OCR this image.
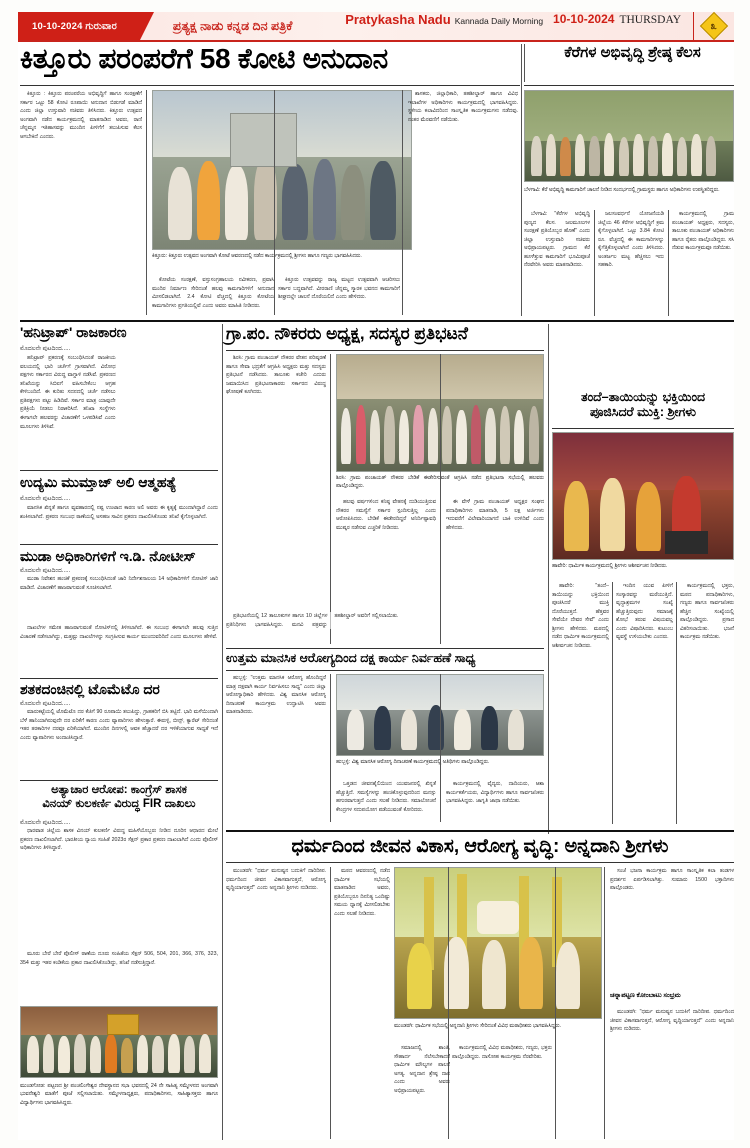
10-10-2024 ಗುರುವಾರ	ಪ್ರತ್ಯಕ್ಷ ನಾಡು ಕನ್ನಡ ದಿನ ಪತ್ರಿಕೆ	Pratykasha Nadu Kannada Daily Morning 10-10-2024 THURSDAY	೩
ಕಿತ್ತೂರು ಪರಂಪರೆಗೆ 58 ಕೋಟಿ ಅನುದಾನ	ಕೆರೆಗಳ ಅಭಿವೃದ್ಧಿ ಶ್ರೇಷ್ಠ ಕೆಲಸ
ಕಿತ್ತೂರು : ಕಿತ್ತೂರು ಪರಂಪರೆಯ ಅಭಿವೃದ್ಧಿಗೆ ಹಾಗೂ ಸಂರಕ್ಷಣೆಗೆ ಸರ್ಕಾರ ಒಟ್ಟು 58 ಕೋಟಿ ರೂಪಾಯಿ ಅನುದಾನ ಬಿಡುಗಡೆ ಮಾಡಿದೆ ಎಂದು ಜಿಲ್ಲಾ ಉಸ್ತುವಾರಿ ಸಚಿವರು ತಿಳಿಸಿದರು. ಕಿತ್ತೂರು ಉತ್ಸವದ ಅಂಗವಾಗಿ ನಡೆದ ಕಾರ್ಯಕ್ರಮದಲ್ಲಿ ಮಾತನಾಡಿದ ಅವರು, ರಾಣಿ ಚೆನ್ನಮ್ಮನ ಇತಿಹಾಸವನ್ನು ಮುಂದಿನ ಪೀಳಿಗೆಗೆ ತಲುಪಿಸುವ ಕೆಲಸ ಆಗಬೇಕಿದೆ ಎಂದರು.
ಕಿತ್ತೂರು: ಕಿತ್ತೂರು ಉತ್ಸವದ ಅಂಗವಾಗಿ ಕೋಟೆ ಆವರಣದಲ್ಲಿ ನಡೆದ ಕಾರ್ಯಕ್ರಮದಲ್ಲಿ ಶ್ರೀಗಳು ಹಾಗೂ ಗಣ್ಯರು ಭಾಗವಹಿಸಿದರು.
ಕೋಟೆಯ ಸಂರಕ್ಷಣೆ, ವಸ್ತುಸಂಗ್ರಹಾಲಯ ನವೀಕರಣ, ಪ್ರವಾಸಿ ಮಂದಿರ ನಿರ್ಮಾಣ ಸೇರಿದಂತೆ ಹಲವು ಕಾಮಗಾರಿಗಳಿಗೆ ಅನುದಾನ ಮೀಸಲಿಡಲಾಗಿದೆ. 2.4 ಕೋಟಿ ವೆಚ್ಚದಲ್ಲಿ ಕಿತ್ತೂರು ಕೋಟೆಯ ಕಾಮಗಾರಿಗಳು ಪ್ರಗತಿಯಲ್ಲಿವೆ ಎಂದು ಅವರು ಮಾಹಿತಿ ನೀಡಿದರು.
ಕಿತ್ತೂರು ಉತ್ಸವವನ್ನು ರಾಜ್ಯ ಮಟ್ಟದ ಉತ್ಸವವಾಗಿ ಆಚರಿಸಲು ಸರ್ಕಾರ ಬದ್ಧವಾಗಿದೆ. ವೀರರಾಣಿ ಚೆನ್ನಮ್ಮ ಸ್ಮಾರಕ ಭವನದ ಕಾಮಗಾರಿಗೆ ಶೀಘ್ರದಲ್ಲೇ ಚಾಲನೆ ದೊರೆಯಲಿದೆ ಎಂದು ಹೇಳಿದರು.
ಶಾಸಕರು, ಜಿಲ್ಲಾಧಿಕಾರಿ, ತಹಶೀಲ್ದಾರ್ ಹಾಗೂ ವಿವಿಧ ಇಲಾಖೆಗಳ ಅಧಿಕಾರಿಗಳು ಕಾರ್ಯಕ್ರಮದಲ್ಲಿ ಭಾಗವಹಿಸಿದ್ದರು. ಸ್ಥಳೀಯ ಕಲಾವಿದರಿಂದ ಸಾಂಸ್ಕೃತಿಕ ಕಾರ್ಯಕ್ರಮಗಳು ನಡೆದವು. ನಂತರ ಮೆರವಣಿಗೆ ನಡೆಯಿತು.
ಬೆಳಗಾವಿ: ಕೆರೆ ಅಭಿವೃದ್ಧಿ ಕಾಮಗಾರಿಗೆ ಚಾಲನೆ ನೀಡಿದ ಸಂದರ್ಭದಲ್ಲಿ ಗ್ರಾಮಸ್ಥರು ಹಾಗೂ ಅಧಿಕಾರಿಗಳು ಉಪಸ್ಥಿತರಿದ್ದರು.
ಬೆಳಗಾವಿ: "ಕೆರೆಗಳ ಅಭಿವೃದ್ಧಿ ಪುಣ್ಯದ ಕೆಲಸ. ಜಲಮೂಲಗಳ ಸಂರಕ್ಷಣೆ ಪ್ರತಿಯೊಬ್ಬರ ಹೊಣೆ" ಎಂದು ಜಿಲ್ಲಾ ಉಸ್ತುವಾರಿ ಸಚಿವರು ಅಭಿಪ್ರಾಯಪಟ್ಟರು. ಗ್ರಾಮದ ಕೆರೆ ಹೂಳೆತ್ತುವ ಕಾಮಗಾರಿಗೆ ಭೂಮಿಪೂಜೆ ನೆರವೇರಿಸಿ ಅವರು ಮಾತನಾಡಿದರು.
ಜಲಸಂವರ್ಧನೆ ಯೋಜನೆಯಡಿ ಜಿಲ್ಲೆಯ 46 ಕೆರೆಗಳ ಅಭಿವೃದ್ಧಿಗೆ ಕ್ರಮ ಕೈಗೊಳ್ಳಲಾಗಿದೆ. ಒಟ್ಟು 3.84 ಕೋಟಿ ರೂ. ವೆಚ್ಚದಲ್ಲಿ ಈ ಕಾಮಗಾರಿಗಳನ್ನು ಕೈಗೆತ್ತಿಕೊಳ್ಳಲಾಗಿದೆ ಎಂದು ತಿಳಿಸಿದರು. ಅಂತರ್ಜಲ ಮಟ್ಟ ಹೆಚ್ಚಿಸಲು ಇದು ಸಹಕಾರಿ.
ಕಾರ್ಯಕ್ರಮದಲ್ಲಿ ಗ್ರಾಮ ಪಂಚಾಯತ್ ಅಧ್ಯಕ್ಷರು, ಸದಸ್ಯರು, ತಾಲೂಕು ಪಂಚಾಯತ್ ಅಧಿಕಾರಿಗಳು ಹಾಗೂ ರೈತರು ಪಾಲ್ಗೊಂಡಿದ್ದರು. ಸಸಿ ನೆಡುವ ಕಾರ್ಯಕ್ರಮವೂ ನಡೆಯಿತು.
'ಹನಿಟ್ರಾಪ್' ರಾಜಕಾರಣ
ಮೊದಲನೇ ಪುಟದಿಂದ.....
ಹನಿಟ್ರಾಪ್ ಪ್ರಕರಣಕ್ಕೆ ಸಂಬಂಧಿಸಿದಂತೆ ರಾಜಕೀಯ ವಲಯದಲ್ಲಿ ಭಾರಿ ಚರ್ಚೆಗೆ ಗ್ರಾಸವಾಗಿದೆ. ವಿರೋಧ ಪಕ್ಷಗಳು ಸರ್ಕಾರದ ವಿರುದ್ಧ ವಾಗ್ದಾಳಿ ನಡೆಸಿವೆ. ಪ್ರಕರಣದ ತನಿಖೆಯನ್ನು ಸಿಬಿಐಗೆ ವಹಿಸಬೇಕೆಂಬ ಆಗ್ರಹ ಕೇಳಿಬಂದಿದೆ. ಈ ಕುರಿತು ಸದನದಲ್ಲಿ ಚರ್ಚೆ ನಡೆಸಲು ಪ್ರತಿಪಕ್ಷಗಳು ಪಟ್ಟು ಹಿಡಿದಿವೆ. ಸರ್ಕಾರ ಮಾತ್ರ ಯಾವುದೇ ಪ್ರತಿಕ್ರಿಯೆ ನೀಡಲು ನಿರಾಕರಿಸಿದೆ. ತನಿಖಾ ಸಂಸ್ಥೆಗಳು ಈಗಾಗಲೇ ಹಲವರನ್ನು ವಿಚಾರಣೆಗೆ ಒಳಪಡಿಸಿವೆ ಎಂದು ಮೂಲಗಳು ತಿಳಿಸಿವೆ.
ಉದ್ಯಮಿ ಮುಮ್ತಾಜ್ ಅಲಿ ಆತ್ಮಹತ್ಯೆ
ಮೊದಲನೇ ಪುಟದಿಂದ.....
ಮಾನಸಿಕ ಖಿನ್ನತೆ ಹಾಗೂ ವ್ಯವಹಾರದಲ್ಲಿ ನಷ್ಟ ಉಂಟಾದ ಕಾರಣ ಅಲಿ ಅವರು ಈ ಕೃತ್ಯಕ್ಕೆ ಮುಂದಾಗಿದ್ದಾರೆ ಎಂದು ಶಂಕಿಸಲಾಗಿದೆ. ಪ್ರಕರಣ ಸಂಬಂಧ ಠಾಣೆಯಲ್ಲಿ ಅಸಹಜ ಸಾವಿನ ಪ್ರಕರಣ ದಾಖಲಿಸಿಕೊಂಡು ತನಿಖೆ ಕೈಗೊಳ್ಳಲಾಗಿದೆ.
ಮುಡಾ ಅಧಿಕಾರಿಗಳಿಗೆ ಇ.ಡಿ. ನೋಟೀಸ್
ಮೊದಲನೇ ಪುಟದಿಂದ.....
ಮುಡಾ ನಿವೇಶನ ಹಂಚಿಕೆ ಪ್ರಕರಣಕ್ಕೆ ಸಂಬಂಧಿಸಿದಂತೆ ಜಾರಿ ನಿರ್ದೇಶನಾಲಯ 14 ಅಧಿಕಾರಿಗಳಿಗೆ ನೋಟಿಸ್ ಜಾರಿ ಮಾಡಿದೆ. ವಿಚಾರಣೆಗೆ ಹಾಜರಾಗುವಂತೆ ಸೂಚಿಸಲಾಗಿದೆ.
ದಾಖಲೆಗಳ ಸಮೇತ ಹಾಜರಾಗುವಂತೆ ನೋಟಿಸ್‌ನಲ್ಲಿ ತಿಳಿಸಲಾಗಿದೆ. ಈ ಸಂಬಂಧ ಈಗಾಗಲೇ ಹಲವು ಸುತ್ತಿನ ವಿಚಾರಣೆ ನಡೆಸಲಾಗಿದ್ದು, ಮತ್ತಷ್ಟು ದಾಖಲೆಗಳನ್ನು ಸಂಗ್ರಹಿಸುವ ಕಾರ್ಯ ಮುಂದುವರಿದಿದೆ ಎಂದು ಮೂಲಗಳು ಹೇಳಿವೆ.
ಶತಕದಂಚಿನಲ್ಲಿ ಟೊಮೆಟೊ ದರ
ಮೊದಲನೇ ಪುಟದಿಂದ.....
ಮಾರುಕಟ್ಟೆಯಲ್ಲಿ ಟೊಮೆಟೊ ದರ ಕೆಜಿಗೆ 90 ರೂಪಾಯಿ ತಲುಪಿದ್ದು, ಗ್ರಾಹಕರಿಗೆ ಬಿಸಿ ತಟ್ಟಿದೆ. ಭಾರಿ ಮಳೆಯಿಂದಾಗಿ ಬೆಳೆ ಹಾನಿಯಾಗಿರುವುದೇ ದರ ಏರಿಕೆಗೆ ಕಾರಣ ಎಂದು ವ್ಯಾಪಾರಿಗಳು ಹೇಳುತ್ತಾರೆ. ಈರುಳ್ಳಿ, ಬೀನ್ಸ್, ಕ್ಯಾರೆಟ್ ಸೇರಿದಂತೆ ಇತರ ತರಕಾರಿಗಳ ದರವೂ ಏರಿಕೆಯಾಗಿದೆ. ಮುಂದಿನ ದಿನಗಳಲ್ಲಿ ಆವಕ ಹೆಚ್ಚಾದರೆ ದರ ಇಳಿಕೆಯಾಗುವ ಸಾಧ್ಯತೆ ಇದೆ ಎಂದು ವ್ಯಾಪಾರಿಗಳು ಅಂದಾಜಿಸಿದ್ದಾರೆ.
ಅತ್ಯಾಚಾರ ಆರೋಪ: ಕಾಂಗ್ರೆಸ್ ಶಾಸಕ
ವಿನಯ್ ಕುಲಕರ್ಣಿ ವಿರುದ್ಧ FIR ದಾಖಲು
ಮೊದಲನೇ ಪುಟದಿಂದ.....
ಧಾರವಾಡ ಜಿಲ್ಲೆಯ ಶಾಸಕ ವಿನಯ್ ಕುಲಕರ್ಣಿ ವಿರುದ್ಧ ಮಹಿಳೆಯೊಬ್ಬರು ನೀಡಿದ ದೂರಿನ ಆಧಾರದ ಮೇಲೆ ಪ್ರಕರಣ ದಾಖಲಿಸಲಾಗಿದೆ. ಭಾರತೀಯ ನ್ಯಾಯ ಸಂಹಿತೆ 2023ರ ಸೆಕ್ಷನ್ ಪ್ರಕಾರ ಪ್ರಕರಣ ದಾಖಲಾಗಿದೆ ಎಂದು ಪೊಲೀಸ್ ಅಧಿಕಾರಿಗಳು ತಿಳಿಸಿದ್ದಾರೆ.
ಮೂರು ಬೇರೆ ಬೇರೆ ಪೊಲೀಸ್ ಠಾಣೆಯ ದೂರು ಸಂಹಿತೆಯ ಸೆಕ್ಷನ್ 506, 504, 201, 366, 376, 323, 354 ಮತ್ತು ಇತರ ಕಂಡಿಕೆಯ ಪ್ರಕಾರ ದಾಖಲಿಸಿಕೊಂಡಿದ್ದು, ತನಿಖೆ ನಡೆಸುತ್ತಿದ್ದಾರೆ.
ಮುಂಡಗೋಡ: ಪಟ್ಟಣದ ಶ್ರೀ ಪಂಚಲಿಂಗೇಶ್ವರ ದೇವಸ್ಥಾನದ ಸಭಾ ಭವನದಲ್ಲಿ 24 ನೇ ಸಾಹಿತ್ಯ ಸಮ್ಮೇಳನದ ಅಂಗವಾಗಿ ಭುವನೇಶ್ವರಿ ಮಾತೆಗೆ ಪೂಜೆ ಸಲ್ಲಿಸಲಾಯಿತು. ಸಮ್ಮೇಳನಾಧ್ಯಕ್ಷರು, ಪದಾಧಿಕಾರಿಗಳು, ಸಾಹಿತ್ಯಾಸಕ್ತರು ಹಾಗೂ ವಿದ್ಯಾರ್ಥಿಗಳು ಭಾಗವಹಿಸಿದ್ದರು.
ಗ್ರಾ.ಪಂ. ನೌಕರರು ಅಧ್ಯಕ್ಷ, ಸದಸ್ಯರ ಪ್ರತಿಭಟನೆ
ಶಿರಸಿ: ಗ್ರಾಮ ಪಂಚಾಯತ್ ನೌಕರರ ವೇತನ ಪರಿಷ್ಕರಣೆ ಹಾಗೂ ಸೇವಾ ಭದ್ರತೆಗೆ ಆಗ್ರಹಿಸಿ ಅಧ್ಯಕ್ಷರು ಮತ್ತು ಸದಸ್ಯರು ಪ್ರತಿಭಟನೆ ನಡೆಸಿದರು. ತಾಲೂಕು ಕಚೇರಿ ಎದುರು ಜಮಾಯಿಸಿದ ಪ್ರತಿಭಟನಾಕಾರರು ಸರ್ಕಾರದ ವಿರುದ್ಧ ಘೋಷಣೆ ಕೂಗಿದರು.
ಶಿರಸಿ: ಗ್ರಾಮ ಪಂಚಾಯತ್ ನೌಕರರ ಬೇಡಿಕೆ ಈಡೇರಿಸುವಂತೆ ಆಗ್ರಹಿಸಿ ನಡೆದ ಪ್ರತಿಭಟನಾ ಸಭೆಯಲ್ಲಿ ಹಲವರು ಪಾಲ್ಗೊಂಡಿದ್ದರು.
ಹಲವು ವರ್ಷಗಳಿಂದ ಕನಿಷ್ಠ ವೇತನಕ್ಕೆ ದುಡಿಯುತ್ತಿರುವ ನೌಕರರ ಸಮಸ್ಯೆಗೆ ಸರ್ಕಾರ ಸ್ಪಂದಿಸುತ್ತಿಲ್ಲ ಎಂದು ಆರೋಪಿಸಿದರು. ಬೇಡಿಕೆ ಈಡೇರದಿದ್ದರೆ ಅನಿರ್ದಿಷ್ಟಾವಧಿ ಮುಷ್ಕರ ನಡೆಸುವ ಎಚ್ಚರಿಕೆ ನೀಡಿದರು.
ಈ ವೇಳೆ ಗ್ರಾಮ ಪಂಚಾಯತ್ ಅಧ್ಯಕ್ಷರ ಸಂಘದ ಪದಾಧಿಕಾರಿಗಳು ಮಾತನಾಡಿ, 5 ಲಕ್ಷ ಅರ್ಜಿಗಳು ಇದುವರೆಗೆ ವಿಲೇವಾರಿಯಾಗದೆ ಬಾಕಿ ಉಳಿದಿವೆ ಎಂದು ಹೇಳಿದರು.
ಪ್ರತಿಭಟನೆಯಲ್ಲಿ 12 ತಾಲೂಕುಗಳ ಹಾಗೂ 10 ಜಿಲ್ಲೆಗಳ ಪ್ರತಿನಿಧಿಗಳು ಭಾಗವಹಿಸಿದ್ದರು. ಮನವಿ ಪತ್ರವನ್ನು ತಹಶೀಲ್ದಾರ್ ಅವರಿಗೆ ಸಲ್ಲಿಸಲಾಯಿತು.
ಉತ್ತಮ ಮಾನಸಿಕ ಆರೋಗ್ಯದಿಂದ ದಕ್ಷ ಕಾರ್ಯ ನಿರ್ವಹಣೆ ಸಾಧ್ಯ
ಹುಬ್ಬಳ್ಳಿ: "ಉತ್ತಮ ಮಾನಸಿಕ ಆರೋಗ್ಯ ಹೊಂದಿದ್ದರೆ ಮಾತ್ರ ದಕ್ಷವಾಗಿ ಕಾರ್ಯ ನಿರ್ವಹಿಸಲು ಸಾಧ್ಯ" ಎಂದು ಜಿಲ್ಲಾ ಆರೋಗ್ಯಾಧಿಕಾರಿ ಹೇಳಿದರು. ವಿಶ್ವ ಮಾನಸಿಕ ಆರೋಗ್ಯ ದಿನಾಚರಣೆ ಕಾರ್ಯಕ್ರಮ ಉದ್ಘಾಟಿಸಿ ಅವರು ಮಾತನಾಡಿದರು.
ಹುಬ್ಬಳ್ಳಿ: ವಿಶ್ವ ಮಾನಸಿಕ ಆರೋಗ್ಯ ದಿನಾಚರಣೆ ಕಾರ್ಯಕ್ರಮದಲ್ಲಿ ಅತಿಥಿಗಳು ಪಾಲ್ಗೊಂಡಿದ್ದರು.
ಒತ್ತಡದ ಜೀವನಶೈಲಿಯಿಂದ ಯುವಜನರಲ್ಲಿ ಖಿನ್ನತೆ ಹೆಚ್ಚುತ್ತಿದೆ. ಸಮಸ್ಯೆಗಳನ್ನು ಹಂಚಿಕೊಳ್ಳುವುದರಿಂದ ಮನಸ್ಸು ಹಗುರವಾಗುತ್ತದೆ ಎಂದು ಸಲಹೆ ನೀಡಿದರು. ಸಮಾಲೋಚನೆ ಕೇಂದ್ರಗಳ ಸದುಪಯೋಗ ಪಡೆಯುವಂತೆ ಕೋರಿದರು.
ಕಾರ್ಯಕ್ರಮದಲ್ಲಿ ವೈದ್ಯರು, ದಾದಿಯರು, ಆಶಾ ಕಾರ್ಯಕರ್ತೆಯರು, ವಿದ್ಯಾರ್ಥಿಗಳು ಹಾಗೂ ಸಾರ್ವಜನಿಕರು ಭಾಗವಹಿಸಿದ್ದರು. ಜಾಗೃತಿ ಜಾಥಾ ನಡೆಯಿತು.
ತಂದೆ–ತಾಯಿಯನ್ನು ಭಕ್ತಿಯಿಂದ
ಪೂಜಿಸಿದರೆ ಮುಕ್ತಿ: ಶ್ರೀಗಳು
ಹಾವೇರಿ: ಧಾರ್ಮಿಕ ಕಾರ್ಯಕ್ರಮದಲ್ಲಿ ಶ್ರೀಗಳು ಆಶೀರ್ವಚನ ನೀಡಿದರು.
ಹಾವೇರಿ: "ತಂದೆ–ತಾಯಿಯನ್ನು ಭಕ್ತಿಯಿಂದ ಪೂಜಿಸಿದರೆ ಮುಕ್ತಿ ದೊರೆಯುತ್ತದೆ. ಹೆತ್ತವರ ಸೇವೆಯೇ ದೇವರ ಸೇವೆ" ಎಂದು ಶ್ರೀಗಳು ಹೇಳಿದರು. ಮಠದಲ್ಲಿ ನಡೆದ ಧಾರ್ಮಿಕ ಕಾರ್ಯಕ್ರಮದಲ್ಲಿ ಆಶೀರ್ವಚನ ನೀಡಿದರು.
ಇಂದಿನ ಯುವ ಪೀಳಿಗೆ ಸಂಸ್ಕಾರವನ್ನು ಮರೆಯುತ್ತಿದೆ. ವೃದ್ಧಾಶ್ರಮಗಳ ಸಂಖ್ಯೆ ಹೆಚ್ಚುತ್ತಿರುವುದು ಸಮಾಜಕ್ಕೆ ಶೋಭೆ ತರುವ ವಿಷಯವಲ್ಲ ಎಂದು ವಿಷಾದಿಸಿದರು. ಕುಟುಂಬ ವ್ಯವಸ್ಥೆ ಉಳಿಯಬೇಕು ಎಂದರು.
ಕಾರ್ಯಕ್ರಮದಲ್ಲಿ ಭಕ್ತರು, ಮಠದ ಪದಾಧಿಕಾರಿಗಳು, ಗಣ್ಯರು ಹಾಗೂ ಸಾರ್ವಜನಿಕರು ಹೆಚ್ಚಿನ ಸಂಖ್ಯೆಯಲ್ಲಿ ಪಾಲ್ಗೊಂಡಿದ್ದರು. ಪ್ರಸಾದ ವಿತರಿಸಲಾಯಿತು. ಭಜನೆ ಕಾರ್ಯಕ್ರಮ ನಡೆಯಿತು.
ಧರ್ಮದಿಂದ ಜೀವನ ವಿಕಾಸ, ಆರೋಗ್ಯ ವೃದ್ಧಿ: ಅನ್ನದಾನಿ ಶ್ರೀಗಳು
ಮುಂಡರಗಿ: "ಧರ್ಮ ಮನುಷ್ಯನ ಬದುಕಿಗೆ ದಾರಿದೀಪ. ಧರ್ಮದಿಂದ ಜೀವನ ವಿಕಾಸವಾಗುತ್ತದೆ, ಆರೋಗ್ಯ ವೃದ್ಧಿಯಾಗುತ್ತದೆ" ಎಂದು ಅನ್ನದಾನಿ ಶ್ರೀಗಳು ನುಡಿದರು.
ಮಠದ ಆವರಣದಲ್ಲಿ ನಡೆದ ಧಾರ್ಮಿಕ ಸಭೆಯಲ್ಲಿ ಮಾತನಾಡಿದ ಅವರು, ಪ್ರತಿಯೊಬ್ಬರೂ ದಿನನಿತ್ಯ ಒಂದಿಷ್ಟು ಸಮಯ ಧ್ಯಾನಕ್ಕೆ ಮೀಸಲಿಡಬೇಕು ಎಂದು ಸಲಹೆ ನೀಡಿದರು.
ಮುಂಡರಗಿ: ಧಾರ್ಮಿಕ ಸಭೆಯಲ್ಲಿ ಅನ್ನದಾನಿ ಶ್ರೀಗಳು ಸೇರಿದಂತೆ ವಿವಿಧ ಮಠಾಧೀಶರು ಭಾಗವಹಿಸಿದ್ದರು.
ಸಮಾಜದಲ್ಲಿ ಶಾಂತಿ, ಸೌಹಾರ್ದ ನೆಲೆಸಬೇಕಾದರೆ ಧಾರ್ಮಿಕ ಮೌಲ್ಯಗಳ ಪಾಲನೆ ಅಗತ್ಯ. ಅನ್ನದಾನ ಶ್ರೇಷ್ಠ ದಾನ ಎಂದು ಅವರು ಅಭಿಪ್ರಾಯಪಟ್ಟರು.
ಕಾರ್ಯಕ್ರಮದಲ್ಲಿ ವಿವಿಧ ಮಠಾಧೀಶರು, ಗಣ್ಯರು, ಭಕ್ತರು ಪಾಲ್ಗೊಂಡಿದ್ದರು. ದಾಸೋಹ ಕಾರ್ಯಕ್ರಮ ನೆರವೇರಿತು.
ಸಂಜೆ ಭಜನಾ ಕಾರ್ಯಕ್ರಮ ಹಾಗೂ ಸಾಂಸ್ಕೃತಿಕ ಕಲಾ ತಂಡಗಳ ಪ್ರದರ್ಶನ ಏರ್ಪಡಿಸಲಾಗಿತ್ತು. ಸುಮಾರು 1500 ಭಕ್ತಾದಿಗಳು ಪಾಲ್ಗೊಂಡರು.
ಚನ್ನಾಪಟ್ಟಣ ಕೋಂಬಾಟು ಸಂಭ್ರಮ
ಮುಂಡರಗಿ: "ಧರ್ಮ ಮನುಷ್ಯನ ಬದುಕಿಗೆ ದಾರಿದೀಪ. ಧರ್ಮದಿಂದ ಜೀವನ ವಿಕಾಸವಾಗುತ್ತದೆ, ಆರೋಗ್ಯ ವೃದ್ಧಿಯಾಗುತ್ತದೆ" ಎಂದು ಅನ್ನದಾನಿ ಶ್ರೀಗಳು ನುಡಿದರು.
